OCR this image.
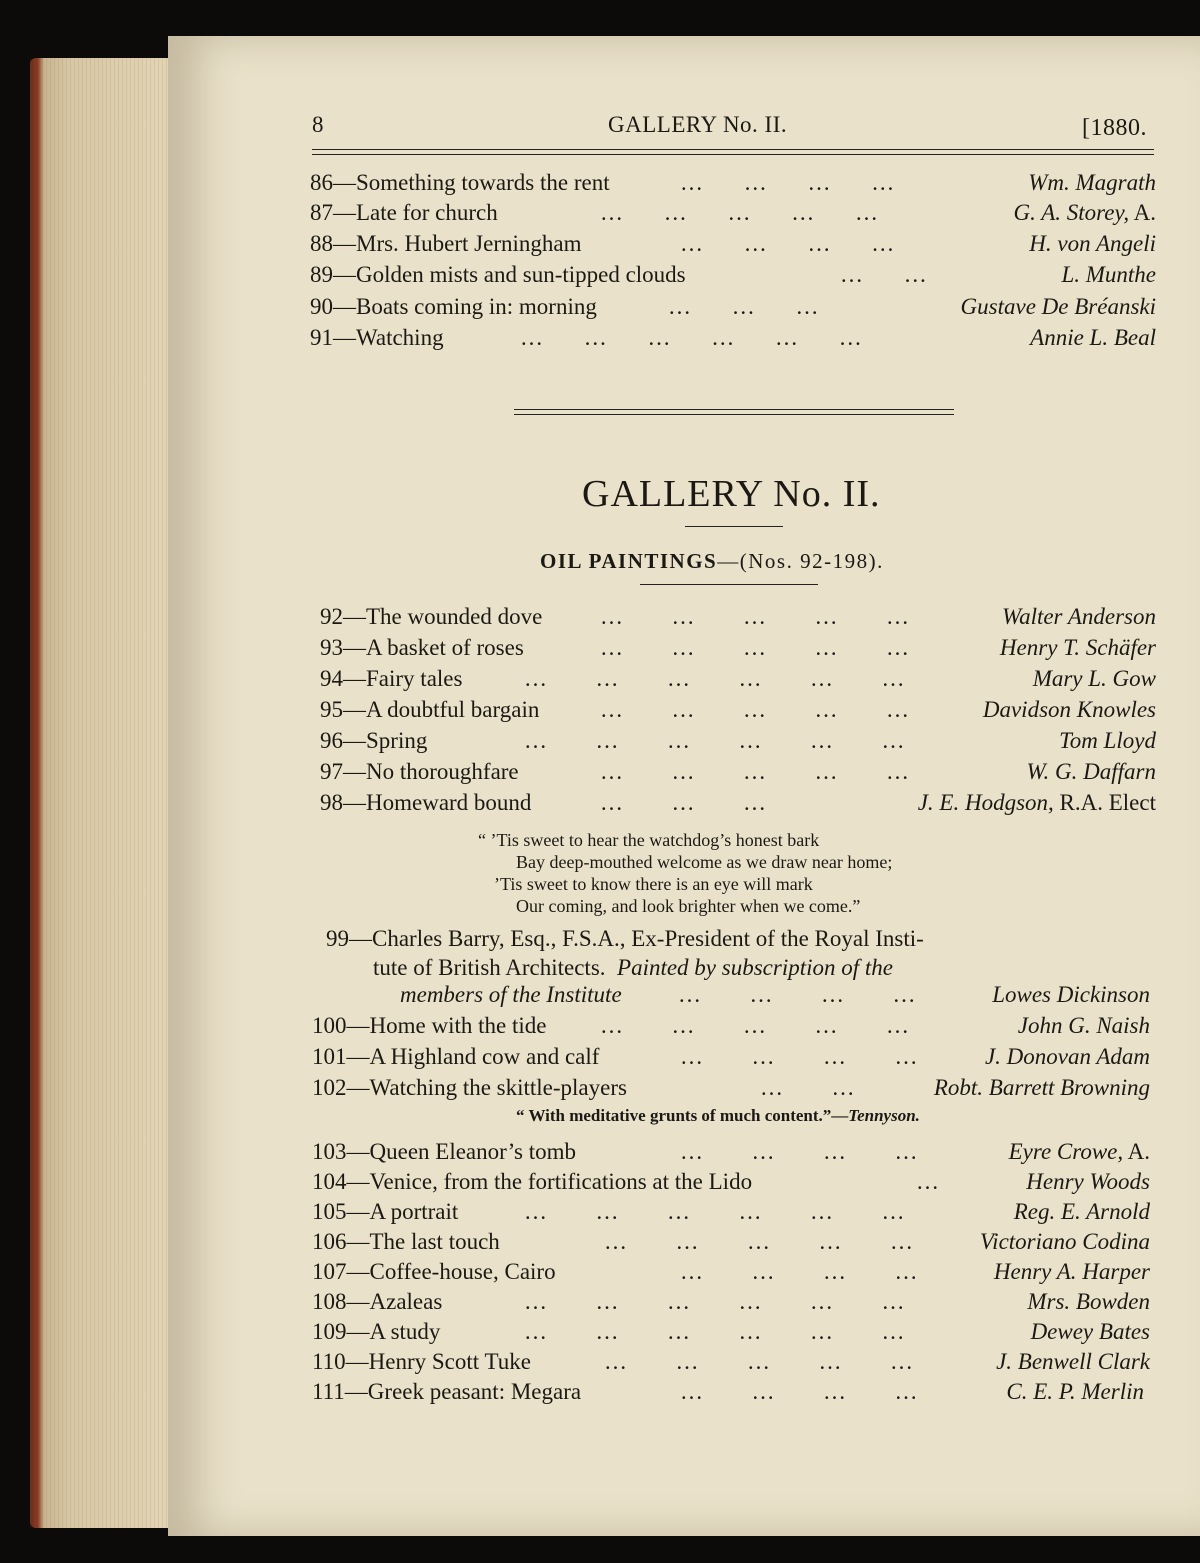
8	GALLERY No. II.	[1880.
86—Something towards the rent	…     …     …     …	Wm. Magrath
87—Late for church	…     …     …     …     …	G. A. Storey, A.
88—Mrs. Hubert Jerningham	…     …     …     …	H. von Angeli
89—Golden mists and sun-tipped clouds	…     …	L. Munthe
90—Boats coming in: morning	…     …     …	Gustave De Bréanski
91—Watching	…     …     …     …     …     …	Annie L. Beal
GALLERY No. II.
OIL PAINTINGS—(Nos. 92-198).
92—The wounded dove	…      …      …      …      …	Walter Anderson
93—A basket of roses	…      …      …      …      …	Henry T. Schäfer
94—Fairy tales	…      …      …      …      …      …	Mary L. Gow
95—A doubtful bargain	…      …      …      …      …	Davidson Knowles
96—Spring	…      …      …      …      …      …	Tom Lloyd
97—No thoroughfare	…      …      …      …      …	W. G. Daffarn
98—Homeward bound	…      …      …	J. E. Hodgson, R.A. Elect
“ ’Tis sweet to hear the watchdog’s honest bark
Bay deep-mouthed welcome as we draw near home;
’Tis sweet to know there is an eye will mark
Our coming, and look brighter when we come.”
99—Charles Barry, Esq., F.S.A., Ex-President of the Royal Insti-
tute of British Architects. Painted by subscription of the
members of the Institute …      …      …      …	Lowes Dickinson
100—Home with the tide …      …      …      …      …	John G. Naish
101—A Highland cow and calf	…      …      …      …	J. Donovan Adam
102—Watching the skittle-players	…      …	Robt. Barrett Browning
“ With meditative grunts of much content.”—Tennyson.
103—Queen Eleanor’s tomb	…      …      …      …	Eyre Crowe, A.
104—Venice, from the fortifications at the Lido	…	Henry Woods
105—A portrait	…      …      …      …      …      …	Reg. E. Arnold
106—The last touch	…      …      …      …      …	Victoriano Codina
107—Coffee-house, Cairo	…      …      …      …	Henry A. Harper
108—Azaleas	…      …      …      …      …      …	Mrs. Bowden
109—A study	…      …      …      …      …      …	Dewey Bates
110—Henry Scott Tuke	…      …      …      …      …	J. Benwell Clark
111—Greek peasant: Megara	…      …      …      …	C. E. P. Merlin
